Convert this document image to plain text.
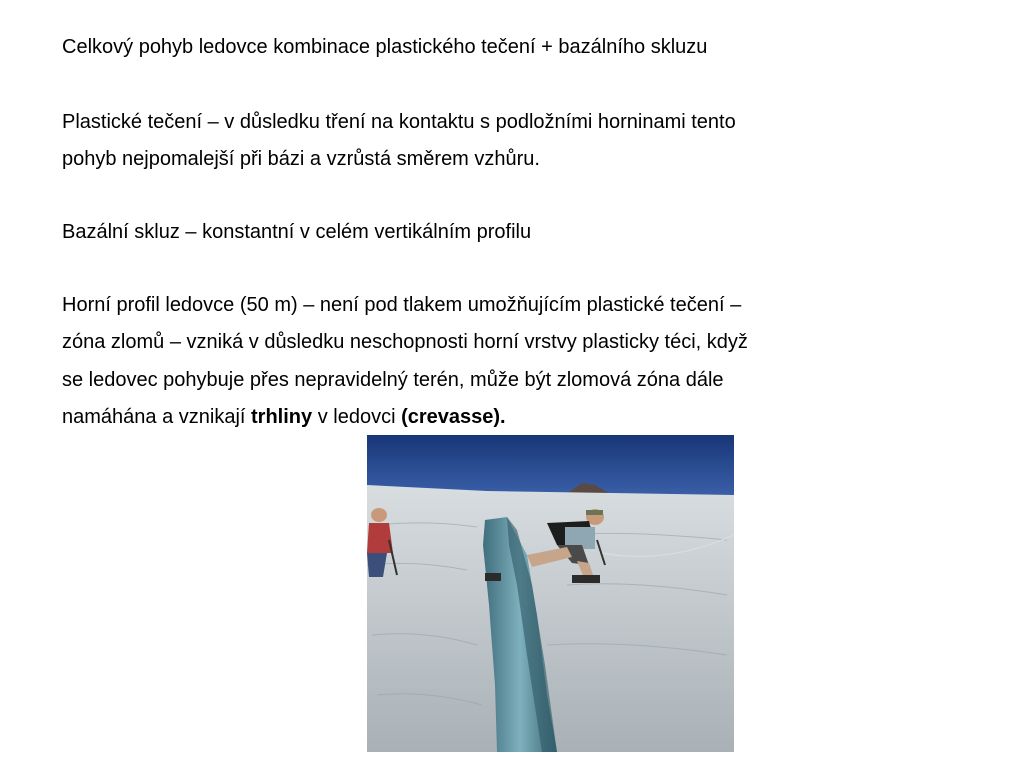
Celkový pohyb ledovce kombinace plastického tečení + bazálního skluzu
Plastické tečení – v důsledku tření na kontaktu s podložními horninami tento
pohyb nejpomalejší při bázi a vzrůstá směrem vzhůru.
Bazální skluz – konstantní v celém vertikálním profilu
Horní profil ledovce (50 m) – není pod tlakem umožňujícím plastické tečení –
zóna zlomů – vzniká v důsledku neschopnosti horní vrstvy plasticky téci, když
se ledovec pohybuje přes nepravidelný terén, může být zlomová zóna dále
namáhána a vznikají trhliny v ledovci (crevasse).
